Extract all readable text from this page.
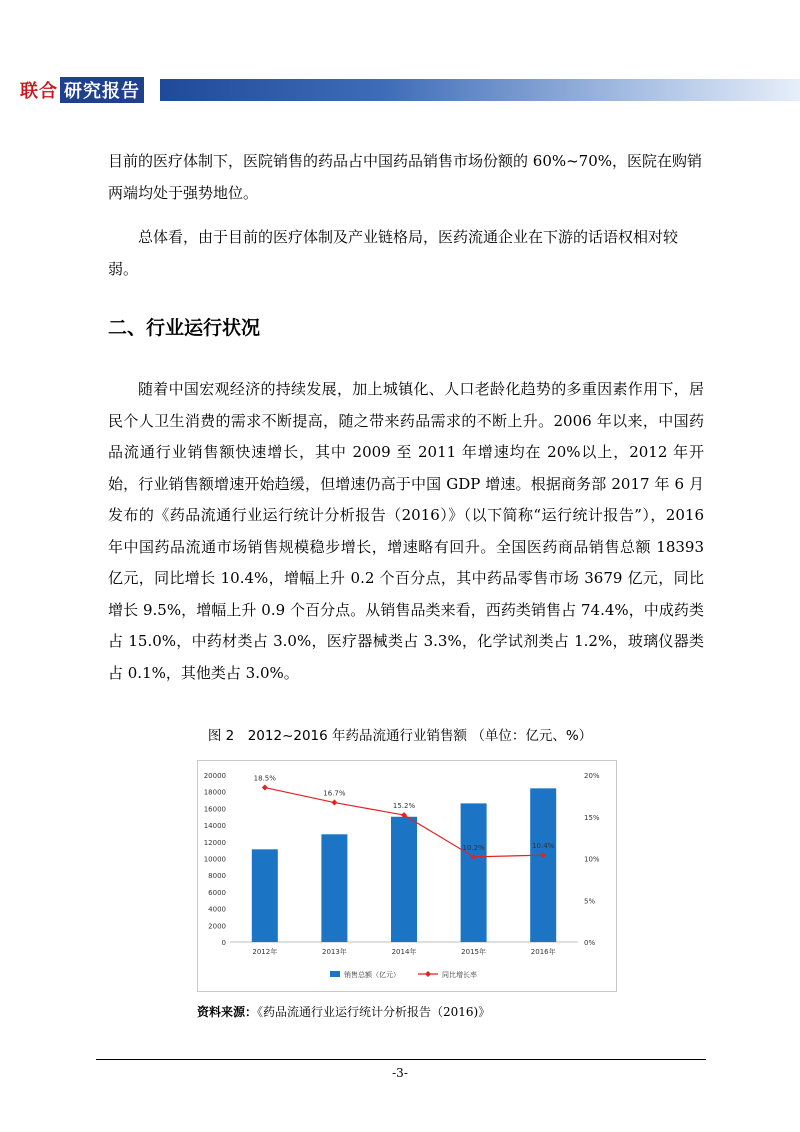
联合 研究报告

目前的医疗体制下，医院销售的药品占中国药品销售市场份额的 60%~70%，医院在购销两端均处于强势地位。

总体看，由于目前的医疗体制及产业链格局，医药流通企业在下游的话语权相对较弱。

二、行业运行状况

随着中国宏观经济的持续发展，加上城镇化、人口老龄化趋势的多重因素作用下，居民个人卫生消费的需求不断提高，随之带来药品需求的不断上升。2006 年以来，中国药品流通行业销售额快速增长，其中 2009 至 2011 年增速均在 20%以上，2012 年开始，行业销售额增速开始趋缓，但增速仍高于中国 GDP 增速。根据商务部 2017 年 6 月发布的《药品流通行业运行统计分析报告（2016）》（以下简称“运行统计报告”），2016 年中国药品流通市场销售规模稳步增长，增速略有回升。全国医药商品销售总额 18393 亿元，同比增长 10.4%，增幅上升 0.2 个百分点，其中药品零售市场 3679 亿元，同比增长 9.5%，增幅上升 0.9 个百分点。从销售品类来看，西药类销售占 74.4%，中成药类占 15.0%，中药材类占 3.0%，医疗器械类占 3.3%，化学试剂类占 1.2%，玻璃仪器类占 0.1%，其他类占 3.0%。

图 2　2012~2016 年药品流通行业销售额 （单位：亿元、%）
0
2000
4000
6000
8000
10000
12000
14000
16000
18000
20000
0%
5%
10%
15%
20%
2012年	2013年	2014年	2015年	2016年
18.5%
16.7%
15.2%
10.2%	10.4%
销售总额（亿元）	同比增长率
资料来源：《药品流通行业运行统计分析报告（2016)》
-3-
